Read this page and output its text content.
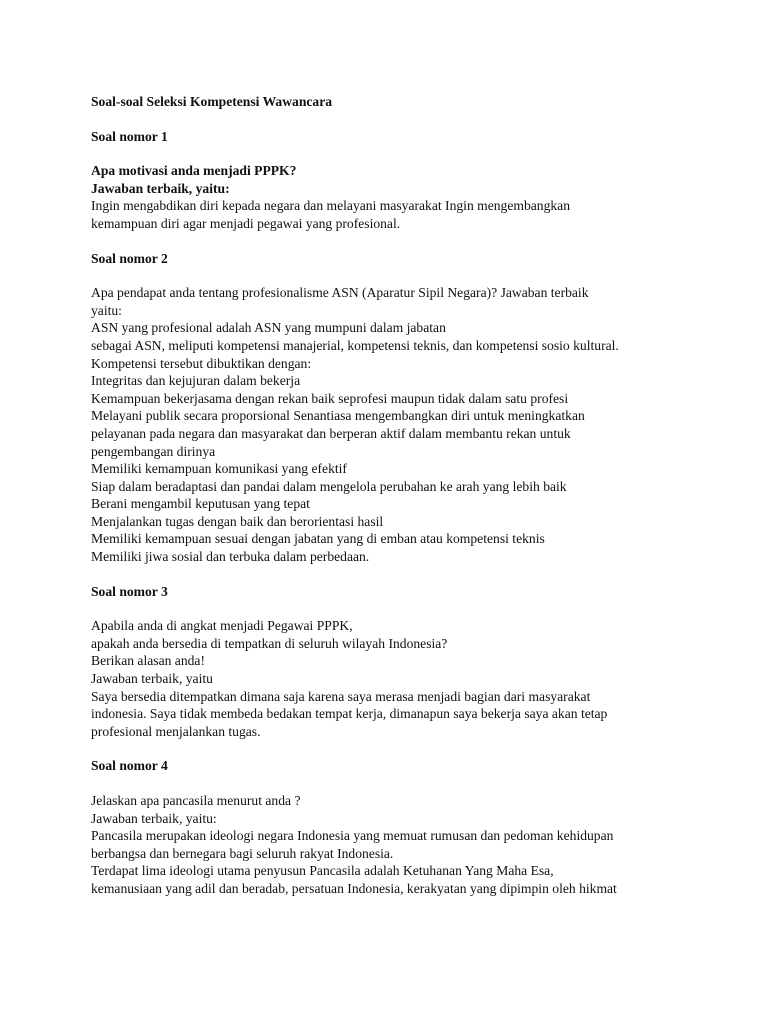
Soal-soal Seleksi Kompetensi Wawancara

Soal nomor 1

Apa motivasi anda menjadi PPPK?

Jawaban terbaik, yaitu:

Ingin mengabdikan diri kepada negara dan melayani masyarakat Ingin mengembangkan

kemampuan diri agar menjadi pegawai yang profesional.

Soal nomor 2

Apa pendapat anda tentang profesionalisme ASN (Aparatur Sipil Negara)? Jawaban terbaik

yaitu:

ASN yang profesional adalah ASN yang mumpuni dalam jabatan

sebagai ASN, meliputi kompetensi manajerial, kompetensi teknis, dan kompetensi sosio kultural.

Kompetensi tersebut dibuktikan dengan:

Integritas dan kejujuran dalam bekerja

Kemampuan bekerjasama dengan rekan baik seprofesi maupun tidak dalam satu profesi

Melayani publik secara proporsional Senantiasa mengembangkan diri untuk meningkatkan

pelayanan pada negara dan masyarakat dan berperan aktif dalam membantu rekan untuk

pengembangan dirinya

Memiliki kemampuan komunikasi yang efektif

Siap dalam beradaptasi dan pandai dalam mengelola perubahan ke arah yang lebih baik

Berani mengambil keputusan yang tepat

Menjalankan tugas dengan baik dan berorientasi hasil

Memiliki kemampuan sesuai dengan jabatan yang di emban atau kompetensi teknis

Memiliki jiwa sosial dan terbuka dalam perbedaan.

Soal nomor 3

Apabila anda di angkat menjadi Pegawai PPPK,

apakah anda bersedia di tempatkan di seluruh wilayah Indonesia?

Berikan alasan anda!

Jawaban terbaik, yaitu

Saya bersedia ditempatkan dimana saja karena saya merasa menjadi bagian dari masyarakat

indonesia. Saya tidak membeda bedakan tempat kerja, dimanapun saya bekerja saya akan tetap

profesional menjalankan tugas.

Soal nomor 4

Jelaskan apa pancasila menurut anda ?

Jawaban terbaik, yaitu:

Pancasila merupakan ideologi negara Indonesia yang memuat rumusan dan pedoman kehidupan

berbangsa dan bernegara bagi seluruh rakyat Indonesia.

Terdapat lima ideologi utama penyusun Pancasila adalah Ketuhanan Yang Maha Esa,

kemanusiaan yang adil dan beradab, persatuan Indonesia, kerakyatan yang dipimpin oleh hikmat
